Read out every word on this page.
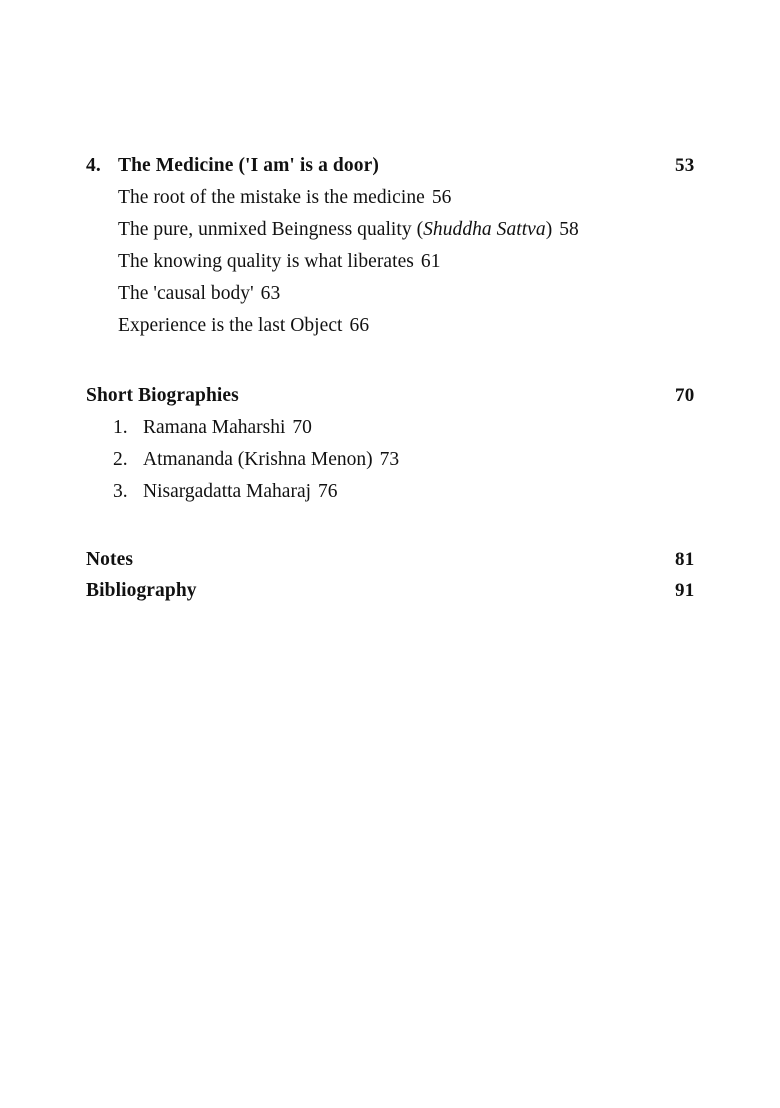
4. The Medicine ('I am' is a door)	53
The root of the mistake is the medicine 56
The pure, unmixed Beingness quality (Shuddha Sattva) 58
The knowing quality is what liberates 61
The 'causal body' 63
Experience is the last Object 66
Short Biographies	70
1. Ramana Maharshi 70
2. Atmananda (Krishna Menon) 73
3. Nisargadatta Maharaj 76
Notes	81
Bibliography	91
